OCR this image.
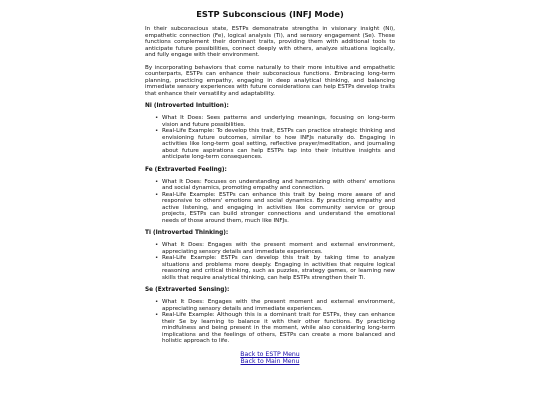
ESTP Subconscious (INFJ Mode)

In their subconscious state, ESTPs demonstrate strengths in visionary insight (Ni), empathetic connection (Fe), logical analysis (Ti), and sensory engagement (Se). These functions complement their dominant traits, providing them with additional tools to anticipate future possibilities, connect deeply with others, analyze situations logically, and fully engage with their environment.

By incorporating behaviors that come naturally to their more intuitive and empathetic counterparts, ESTPs can enhance their subconscious functions. Embracing long-term planning, practicing empathy, engaging in deep analytical thinking, and balancing immediate sensory experiences with future considerations can help ESTPs develop traits that enhance their versatility and adaptability.

Ni (Introverted Intuition):
• What It Does: Sees patterns and underlying meanings, focusing on long-term vision and future possibilities.
• Real-Life Example: To develop this trait, ESTPs can practice strategic thinking and envisioning future outcomes, similar to how INFJs naturally do. Engaging in activities like long-term goal setting, reflective prayer/meditation, and journaling about future aspirations can help ESTPs tap into their intuitive insights and anticipate long-term consequences.
Fe (Extraverted Feeling):
• What It Does: Focuses on understanding and harmonizing with others' emotions and social dynamics, promoting empathy and connection.
• Real-Life Example: ESTPs can enhance this trait by being more aware of and responsive to others' emotions and social dynamics. By practicing empathy and active listening, and engaging in activities like community service or group projects, ESTPs can build stronger connections and understand the emotional needs of those around them, much like INFJs.
Ti (Introverted Thinking):
• What It Does: Engages with the present moment and external environment, appreciating sensory details and immediate experiences.
• Real-Life Example: ESTPs can develop this trait by taking time to analyze situations and problems more deeply. Engaging in activities that require logical reasoning and critical thinking, such as puzzles, strategy games, or learning new skills that require analytical thinking, can help ESTPs strengthen their Ti.
Se (Extraverted Sensing):
• What It Does: Engages with the present moment and external environment, appreciating sensory details and immediate experiences.
• Real-Life Example: Although this is a dominant trait for ESTPs, they can enhance their Se by learning to balance it with their other functions. By practicing mindfulness and being present in the moment, while also considering long-term implications and the feelings of others, ESTPs can create a more balanced and holistic approach to life.
Back to ESTP Menu
Back to Main Menu
